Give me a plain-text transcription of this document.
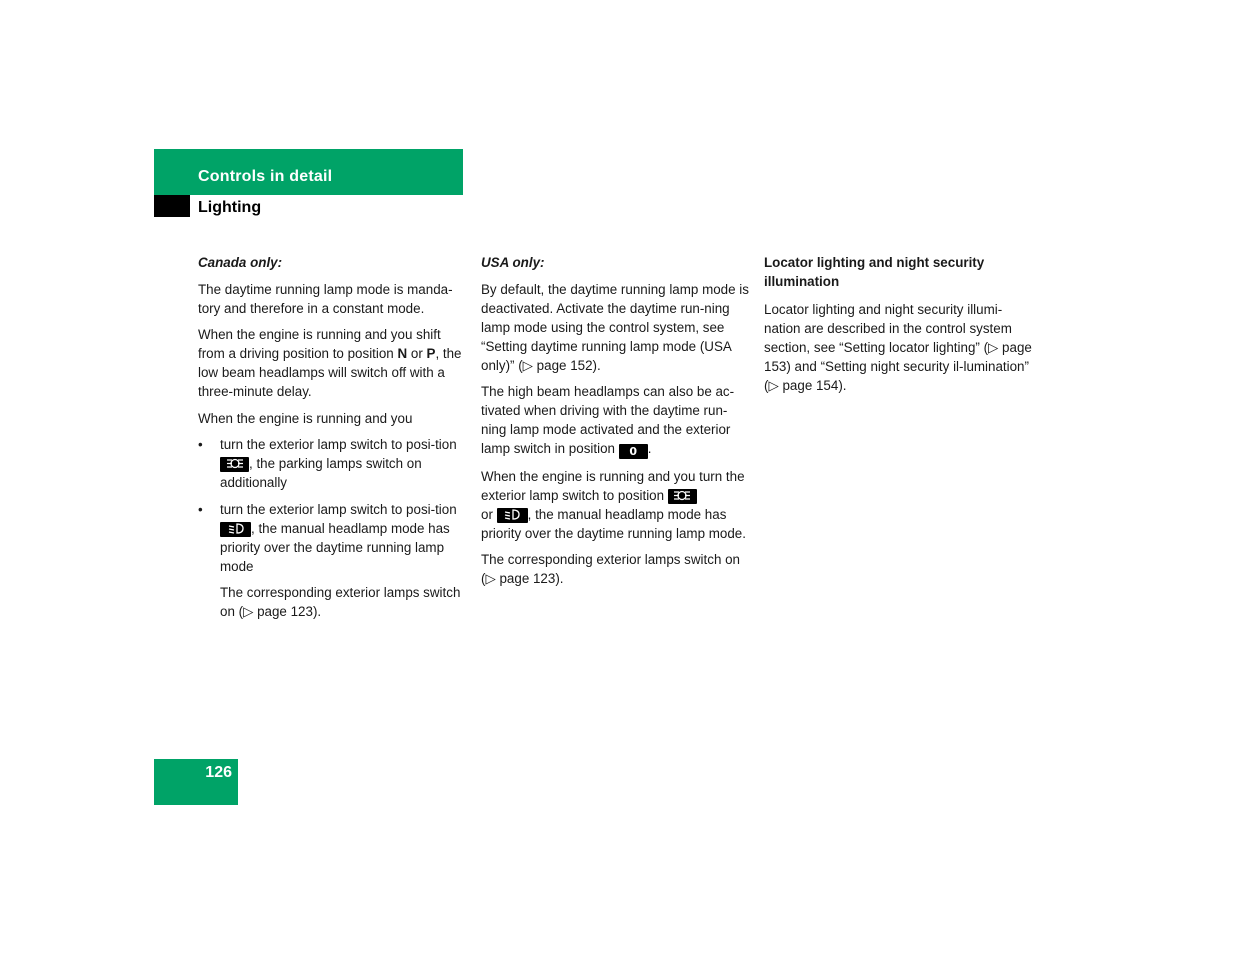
Controls in detail
Lighting

Canada only:

The daytime running lamp mode is manda-tory and therefore in a constant mode.

When the engine is running and you shift from a driving position to position N or P, the low beam headlamps will switch off with a three-minute delay.

When the engine is running and you

• turn the exterior lamp switch to posi-tion , the parking lamps switch on additionally

• turn the exterior lamp switch to posi-tion , the manual headlamp mode has priority over the daytime running lamp mode

The corresponding exterior lamps switch on (▷ page 123).

USA only:

By default, the daytime running lamp mode is deactivated. Activate the daytime run-ning lamp mode using the control system, see “Setting daytime running lamp mode (USA only)” (▷ page 152).

The high beam headlamps can also be ac-tivated when driving with the daytime run-ning lamp mode activated and the exterior lamp switch in position 0 .

When the engine is running and you turn the exterior lamp switch to position
or , the manual headlamp mode has priority over the daytime running lamp mode.

The corresponding exterior lamps switch on (▷ page 123).

Locator lighting and night security illumination

Locator lighting and night security illumi-nation are described in the control system section, see “Setting locator lighting” (▷ page 153) and “Setting night security il-lumination” (▷ page 154).

126
